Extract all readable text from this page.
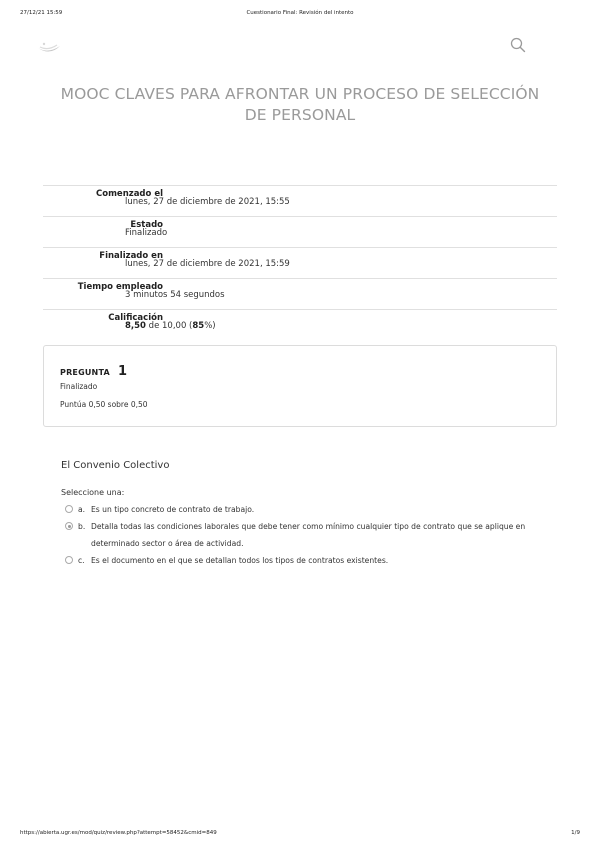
27/12/21 15:59	Cuestionario Final: Revisión del intento
MOOC CLAVES PARA AFRONTAR UN PROCESO DE SELECCIÓN DE PERSONAL
Comenzado el
lunes, 27 de diciembre de 2021, 15:55
Estado
Finalizado
Finalizado en
lunes, 27 de diciembre de 2021, 15:59
Tiempo empleado
3 minutos 54 segundos
Calificación
8,50 de 10,00 (85%)
PREGUNTA 1
Finalizado
Puntúa 0,50 sobre 0,50
El Convenio Colectivo
Seleccione una:
a. Es un tipo concreto de contrato de trabajo.
b. Detalla todas las condiciones laborales que debe tener como mínimo cualquier tipo de contrato que se aplique en determinado sector o área de actividad.
c. Es el documento en el que se detallan todos los tipos de contratos existentes.
https://abierta.ugr.es/mod/quiz/review.php?attempt=58452&cmid=849	1/9
